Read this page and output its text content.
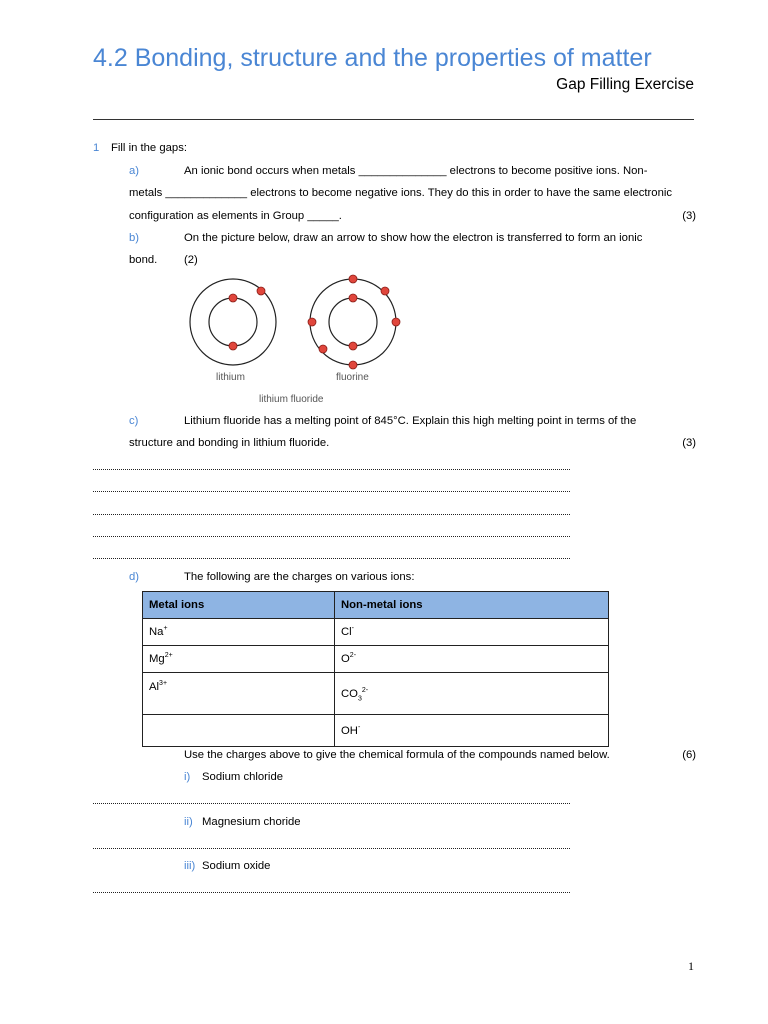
4.2 Bonding, structure and the properties of matter
Gap Filling Exercise
1 Fill in the gaps:
a)	An ionic bond occurs when metals ______________ electrons to become positive ions. Non-
metals _____________ electrons to become negative ions. They do this in order to have the same electronic
configuration as elements in Group _____.	(3)
b)	On the picture below, draw an arrow to show how the electron is transferred to form an ionic
bond. (2)
lithium	fluorine
lithium fluoride
c)	Lithium fluoride has a melting point of 845°C. Explain this high melting point in terms of the
structure and bonding in lithium fluoride.	(3)
d)	The following are the charges on various ions:
Metal ions	Non-metal ions
Na+	Cl-
$Mg^{2+}$	$O^{2-}$
$Al^{3+}$	$CO_3^{2-}$
	OH-
Use the charges above to give the chemical formula of the compounds named below.	(6)
i) Sodium chloride
ii) Magnesium choride
iii) Sodium oxide
1
